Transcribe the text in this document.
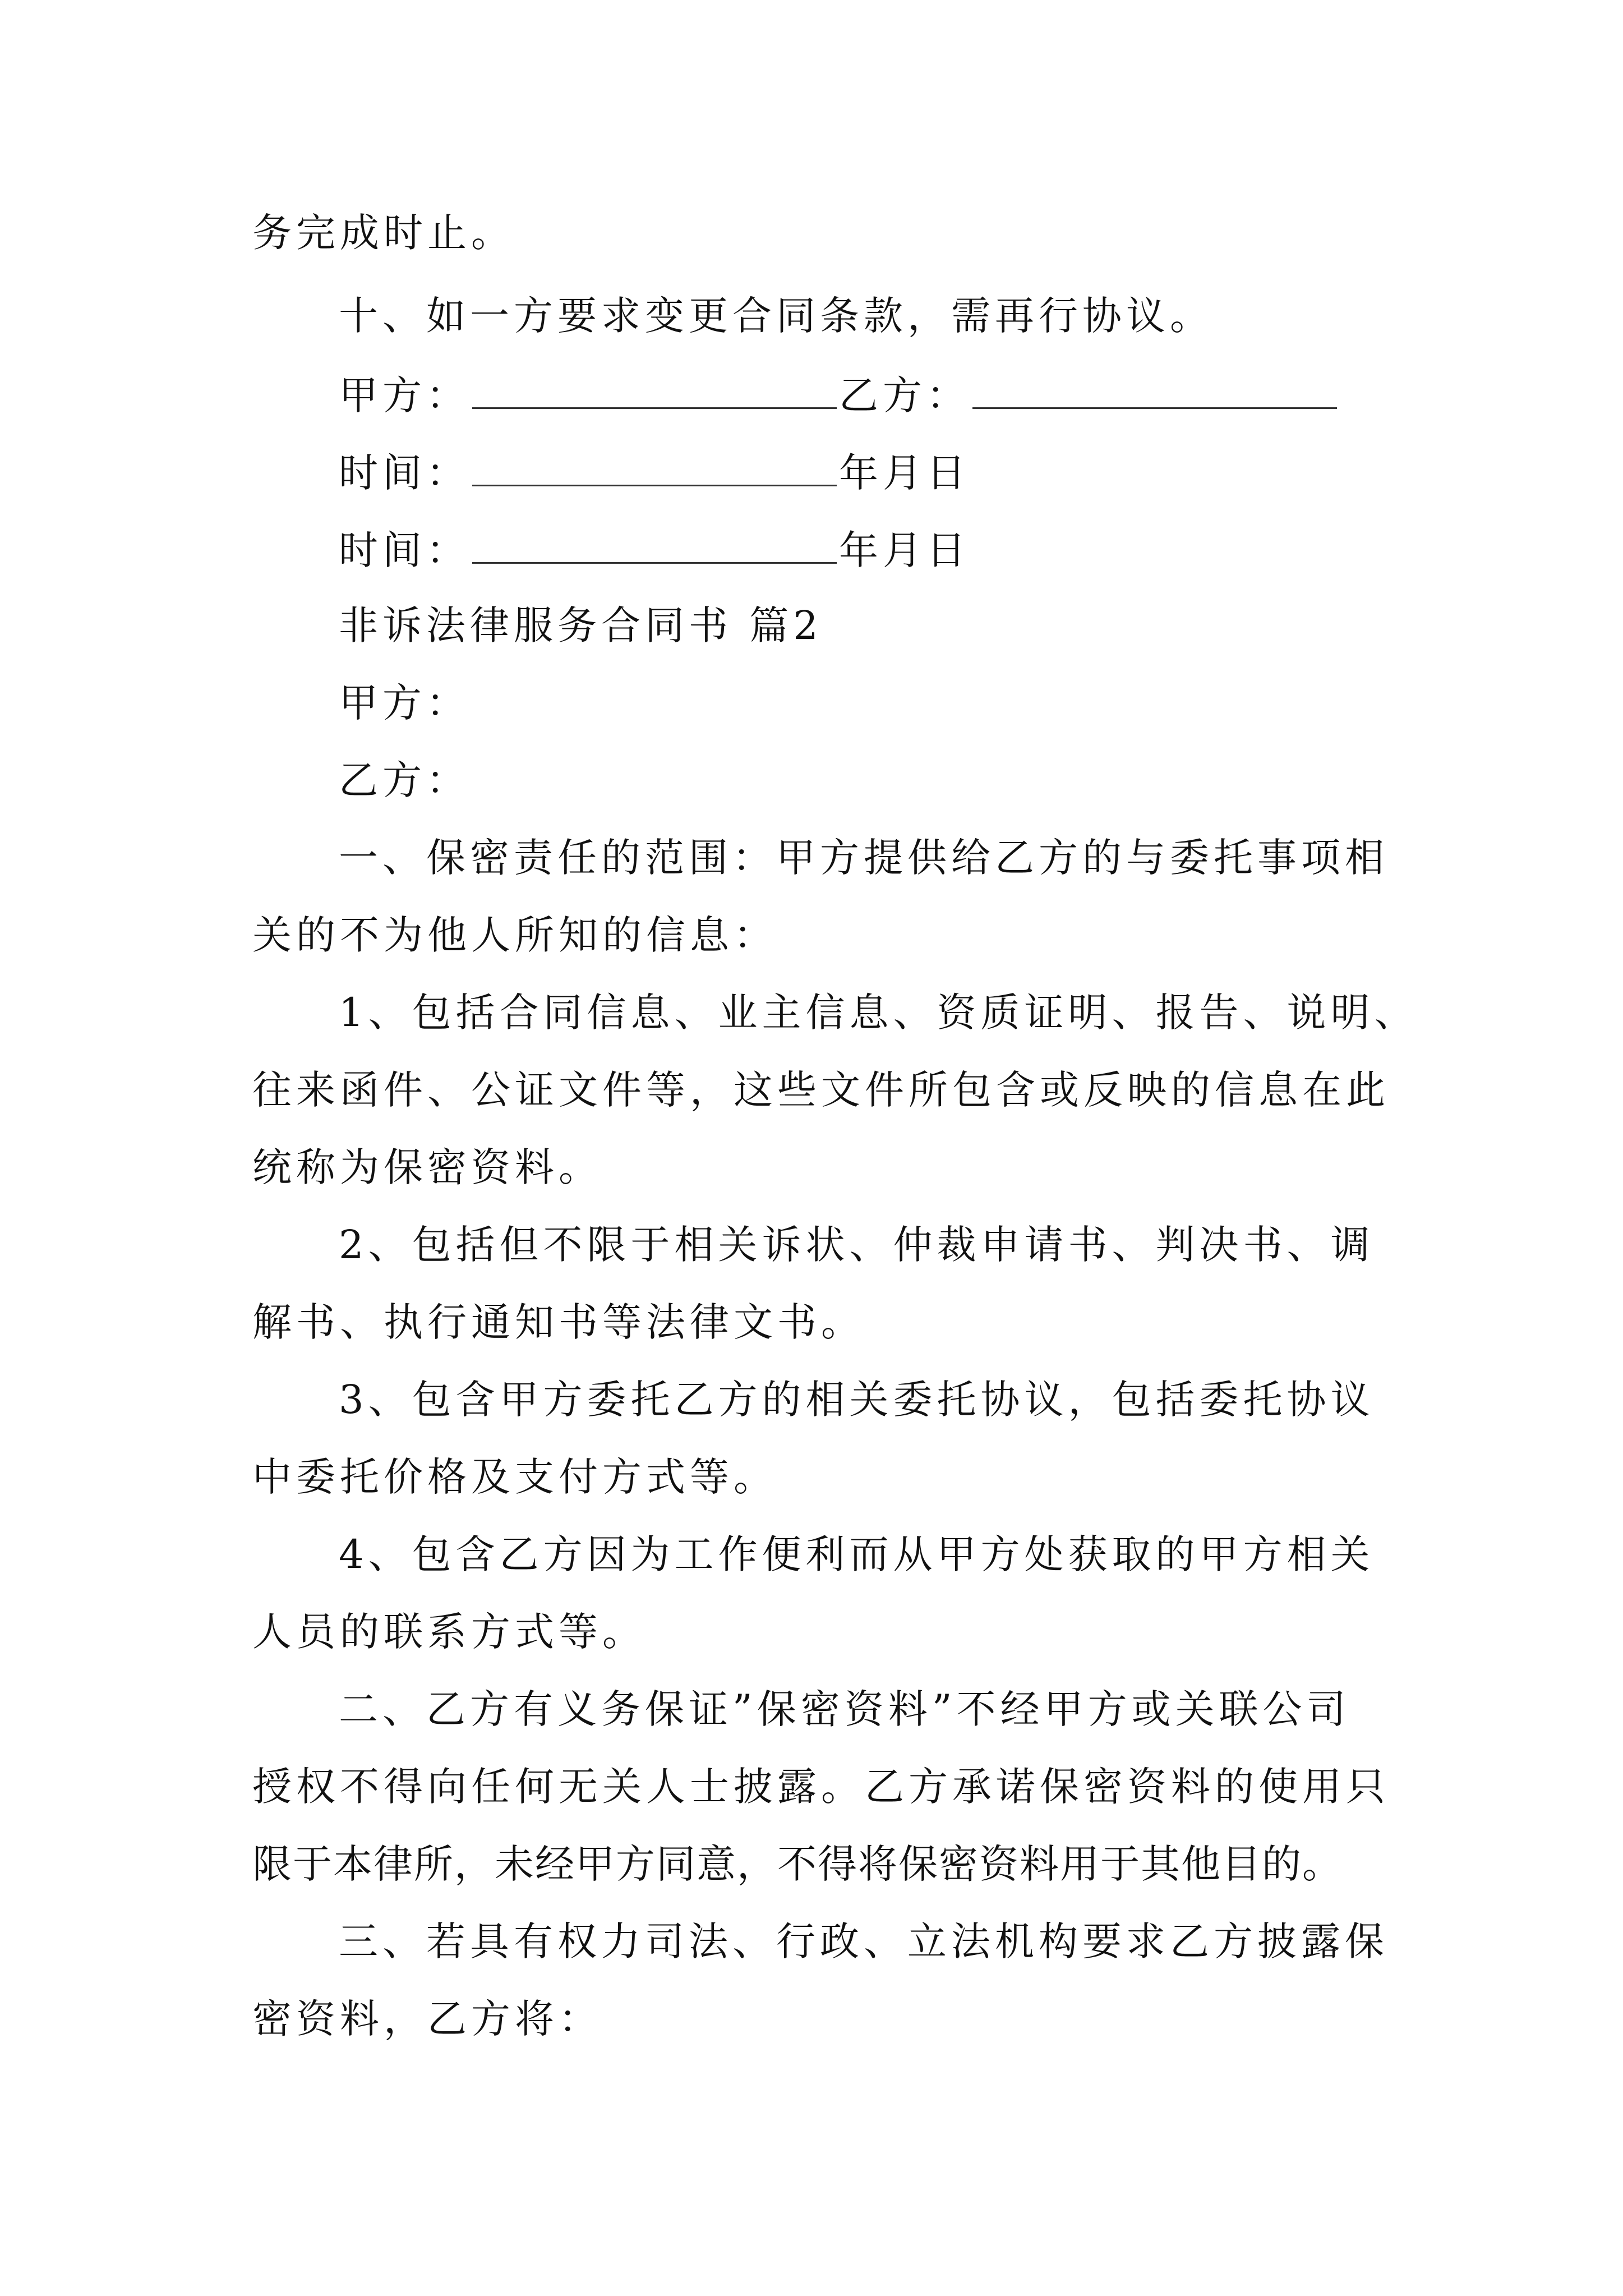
务完成时止。
十、如一方要求变更合同条款，需再行协议。
甲方：	乙方：
时间：	年月日
时间：	年月日
非诉法律服务合同书 篇2
甲方：
乙方：
一、保密责任的范围：甲方提供给乙方的与委托事项相
关的不为他人所知的信息：
1、包括合同信息、业主信息、资质证明、报告、说明、
往来函件、公证文件等，这些文件所包含或反映的信息在此
统称为保密资料。
2、包括但不限于相关诉状、仲裁申请书、判决书、调
解书、执行通知书等法律文书。
3、包含甲方委托乙方的相关委托协议，包括委托协议
中委托价格及支付方式等。
4、包含乙方因为工作便利而从甲方处获取的甲方相关
人员的联系方式等。
二、乙方有义务保证”保密资料”不经甲方或关联公司
授权不得向任何无关人士披露。乙方承诺保密资料的使用只
限于本律所，未经甲方同意，不得将保密资料用于其他目的。
三、若具有权力司法、行政、立法机构要求乙方披露保
密资料，乙方将：
